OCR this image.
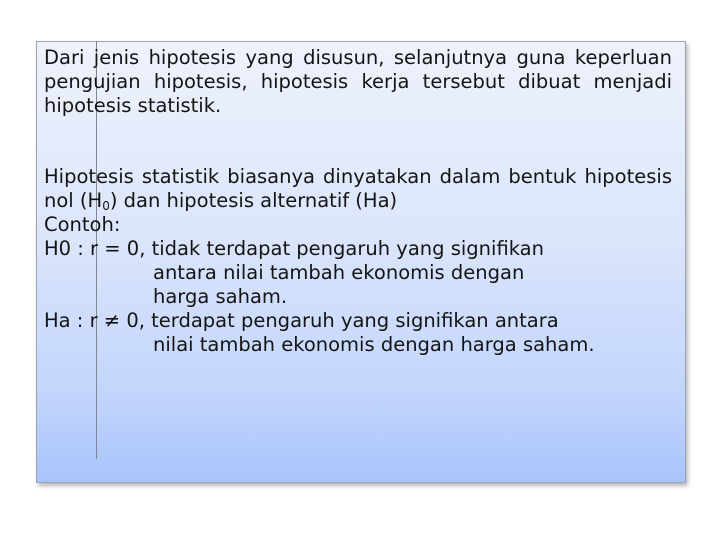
Dari jenis hipotesis yang disusun, selanjutnya guna keperluan pengujian hipotesis, hipotesis kerja tersebut dibuat menjadi hipotesis statistik.

Hipotesis statistik biasanya dinyatakan dalam bentuk hipotesis nol $(H_0)$ dan hipotesis alternatif (Ha)

Contoh:

H0 : r = 0, tidak terdapat pengaruh yang signifikan

antara nilai tambah ekonomis dengan

harga saham.

Ha : r ≠ 0, terdapat pengaruh yang signifikan antara

nilai tambah ekonomis dengan harga saham.
